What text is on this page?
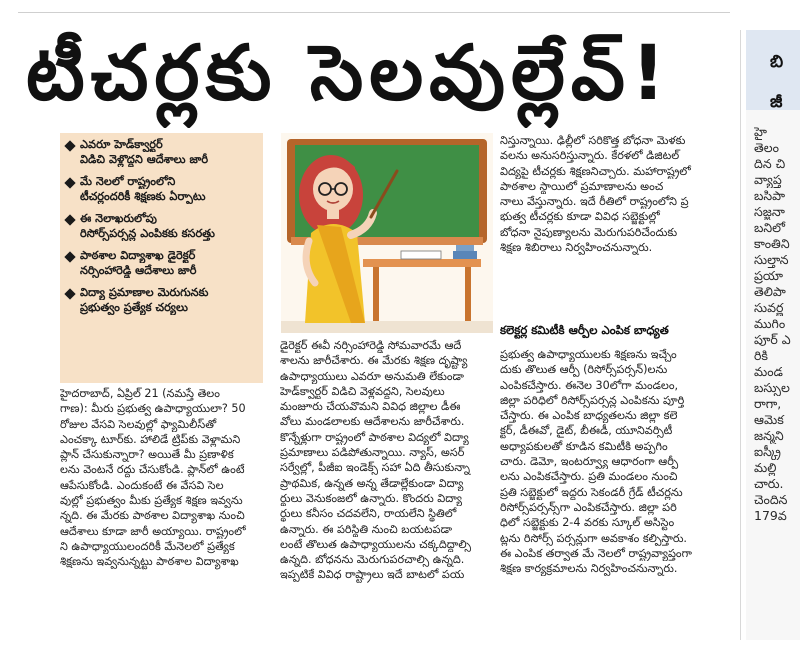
టీచర్లకు సెలవుల్లేవ్!	బి
జీ
హై
తెలం
దిన చి
వ్యాప్త
బసిపా
సజ్జనా
బనిలో
కాంతిని
సుల్తాన
ప్రయా
తెలిపా
సువర్ణ
ముగిం
పూర్ ఎ
రికి
మండ
బస్సుల
రాగా,
ఆమెక
జన్మని
ఐస్క్రీ
మల్లి
చారు.
చెందిన
179వ
ఎవరూ హెడ్‌క్వార్టర్
విడిచి వెళ్లొద్దని ఆదేశాలు జారీ
మే నెలలో రాష్ట్రంలోని
టీచర్లందరికీ శిక్షణకు ఏర్పాటు
ఈ నెలాఖరులోపు
రిసోర్స్‌పర్సన్ల ఎంపికకు కసరత్తు
పాఠశాల విద్యాశాఖ డైరెక్టర్
నర్సింహారెడ్డి ఆదేశాలు జారీ
విద్యా ప్రమాణాల మెరుగునకు
ప్రభుత్వం ప్రత్యేక చర్యలు
హైదరాబాద్, ఏప్రిల్ 21 (నమస్తే తెలం
గాణ): మీరు ప్రభుత్వ ఉపాధ్యాయులా? 50
రోజుల వేసవి సెలవుల్లో ఫ్యామిలీస్‌తో
ఎంచక్కా టూర్‌కు. హాలిడే ట్రిప్‌కు వెళ్లామని
ప్లాన్ చేసుకున్నారా? అయితే మీ ప్రణాళిక
లను వెంటనే రద్దు చేసుకోండి. ప్లాన్‌లో ఉంటే
ఆపేసుకోండి. ఎందుకంటే ఈ వేసవి సెల
వుల్లో ప్రభుత్వం మీకు ప్రత్యేక శిక్షణ ఇవ్వను
న్నది. ఈ మేరకు పాఠశాల విద్యాశాఖ నుంచి
ఆదేశాలు కూడా జారీ అయ్యాయి. రాష్ట్రంలో
ని ఉపాధ్యాయులందరికీ మేనెలలో ప్రత్యేక
శిక్షణను ఇవ్వనున్నట్టు పాఠశాల విద్యాశాఖ
డైరెక్టర్ ఈవీ నర్సింహారెడ్డి సోమవారమే ఆదే
శాలను జారీచేశారు. ఈ మేరకు శిక్షణ దృష్ట్యా
ఉపాధ్యాయులు ఎవరూ అనుమతి లేకుండా
హెడ్‌క్వార్టర్ విడిచి వెళ్లవద్దని, సెలవులు
మంజూరు చేయవొమని వివిధ జిల్లాల డీఈ
వోలు మండలాలకు ఆదేశాలను జారీచేశారు.
కొన్నేళ్లుగా రాష్ట్రంలో పాఠశాల విద్యలో విద్యా
ప్రమాణాలు పడిపోతున్నాయి. న్యాస్, అసర్
సర్వేల్లో, పీజీఐ ఇండెక్స్ సహా ఏది తీసుకున్నా
ప్రాథమిక, ఉన్నత అన్న తేడాల్లేకుండా విద్యా
ర్థులు వెనుకంజలో ఉన్నారు. కొందరు విద్యా
ర్థులు కనీసం చదవలేని, రాయలేని స్థితిలో
ఉన్నారు. ఈ పరిస్థితి నుంచి బయటపడా
లంటే తొలుత ఉపాధ్యాయులను చక్కదిద్దాల్సి
ఉన్నది. బోధనను మెరుగుపరచాల్సి ఉన్నది.
ఇప్పటికే వివిధ రాష్ట్రాలు ఇదే బాటలో పయ
నిస్తున్నాయి. ఢిల్లీలో సరికొత్త బోధనా మెళకు
వలను అనుసరిస్తున్నారు. కేరళలో డిజిటల్
విద్యపై టీచర్లకు శిక్షణనిచ్చారు. మహారాష్ట్రలో
పాఠశాల స్థాయిలో ప్రమాణాలను అంచ
నాలు వేస్తున్నారు. ఇదే రీతిలో రాష్ట్రంలోని ప్ర
భుత్వ టీచర్లకు కూడా వివిధ సబ్జెక్టుల్లో
బోధనా నైపుణ్యాలను మెరుగుపరిచేందుకు
శిక్షణ శిబిరాలు నిర్వహించనున్నారు.
కలెక్టర్ల కమిటీకి ఆర్పీల ఎంపిక బాధ్యత
ప్రభుత్వ ఉపాధ్యాయులకు శిక్షణను ఇచ్చేం
దుకు తొలుత ఆర్పీ (రిసోర్స్‌పర్సన్)లను
ఎంపికచేస్తారు. ఈనెల 30లోగా మండలం,
జిల్లా పరిధిలో రిసోర్స్‌పర్సన్ల ఎంపికను పూర్తి
చేస్తారు. ఈ ఎంపిక బాధ్యతలను జిల్లా కలె
క్టర్, డీఈవో, డైట్, బీఈడీ, యూనివర్సిటీ
అధ్యాపకులతో కూడిన కమిటీకి అప్పగిం
చారు. డెమో, ఇంటర్వ్యూ ఆధారంగా ఆర్పీ
లను ఎంపికచేస్తారు. ప్రతి మండలం నుంచి
ప్రతి సబ్జెక్టులో ఇద్దరు సెకండరీ గ్రేడ్ టీచర్లను
రిసోర్స్‌పర్సన్స్‌గా ఎంపికచేస్తారు. జిల్లా పరి
ధిలో సబ్జెక్టుకు 2-4 వరకు స్కూల్ అసిస్టెం
ట్లను రిసోర్స్ పర్సన్లుగా అవకాశం కల్పిస్తారు.
ఈ ఎంపిక తర్వాత మే నెలలో రాష్ట్రవ్యాప్తంగా
శిక్షణ కార్యక్రమాలను నిర్వహించనున్నారు.
